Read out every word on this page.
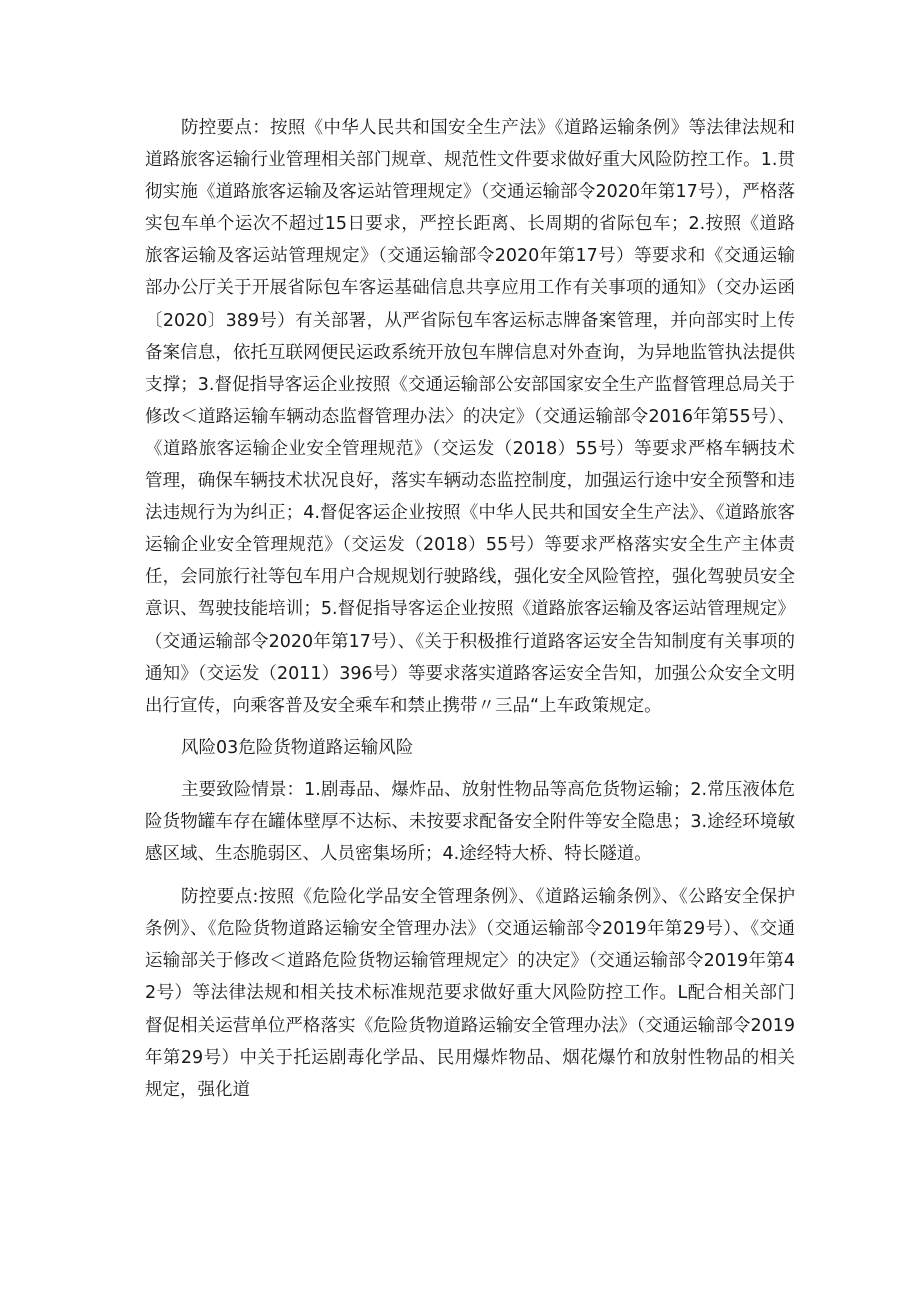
防控要点：按照《中华人民共和国安全生产法》《道路运输条例》等法律法规和道路旅客运输行业管理相关部门规章、规范性文件要求做好重大风险防控工作。1.贯彻实施《道路旅客运输及客运站管理规定》（交通运输部令2020年第17号），严格落实包车单个运次不超过15日要求，严控长距离、长周期的省际包车；2.按照《道路旅客运输及客运站管理规定》（交通运输部令2020年第17号）等要求和《交通运输部办公厅关于开展省际包车客运基础信息共享应用工作有关事项的通知》（交办运函〔2020〕389号）有关部署，从严省际包车客运标志牌备案管理，并向部实时上传备案信息，依托互联网便民运政系统开放包车牌信息对外查询，为异地监管执法提供支撑；3.督促指导客运企业按照《交通运输部公安部国家安全生产监督管理总局关于修改＜道路运输车辆动态监督管理办法〉的决定》（交通运输部令2016年第55号）、《道路旅客运输企业安全管理规范》（交运发（2018）55号）等要求严格车辆技术管理，确保车辆技术状况良好，落实车辆动态监控制度，加强运行途中安全预警和违法违规行为为纠正；4.督促客运企业按照《中华人民共和国安全生产法》、《道路旅客运输企业安全管理规范》（交运发（2018）55号）等要求严格落实安全生产主体责任，会同旅行社等包车用户合规规划行驶路线，强化安全风险管控，强化驾驶员安全意识、驾驶技能培训；5.督促指导客运企业按照《道路旅客运输及客运站管理规定》（交通运输部令2020年第17号）、《关于积极推行道路客运安全告知制度有关事项的通知》（交运发（2011）396号）等要求落实道路客运安全告知，加强公众安全文明出行宣传，向乘客普及安全乘车和禁止携带〃三品“上车政策规定。

风险03危险货物道路运输风险

主要致险情景：1.剧毒品、爆炸品、放射性物品等高危货物运输；2.常压液体危险货物罐车存在罐体壁厚不达标、未按要求配备安全附件等安全隐患；3.途经环境敏感区域、生态脆弱区、人员密集场所；4.途经特大桥、特长隧道。

防控要点:按照《危险化学品安全管理条例》、《道路运输条例》、《公路安全保护条例》、《危险货物道路运输安全管理办法》（交通运输部令2019年第29号）、《交通运输部关于修改＜道路危险货物运输管理规定〉的决定》（交通运输部令2019年第42号）等法律法规和相关技术标准规范要求做好重大风险防控工作。L配合相关部门督促相关运营单位严格落实《危险货物道路运输安全管理办法》（交通运输部令2019年第29号）中关于托运剧毒化学品、民用爆炸物品、烟花爆竹和放射性物品的相关规定，强化道
